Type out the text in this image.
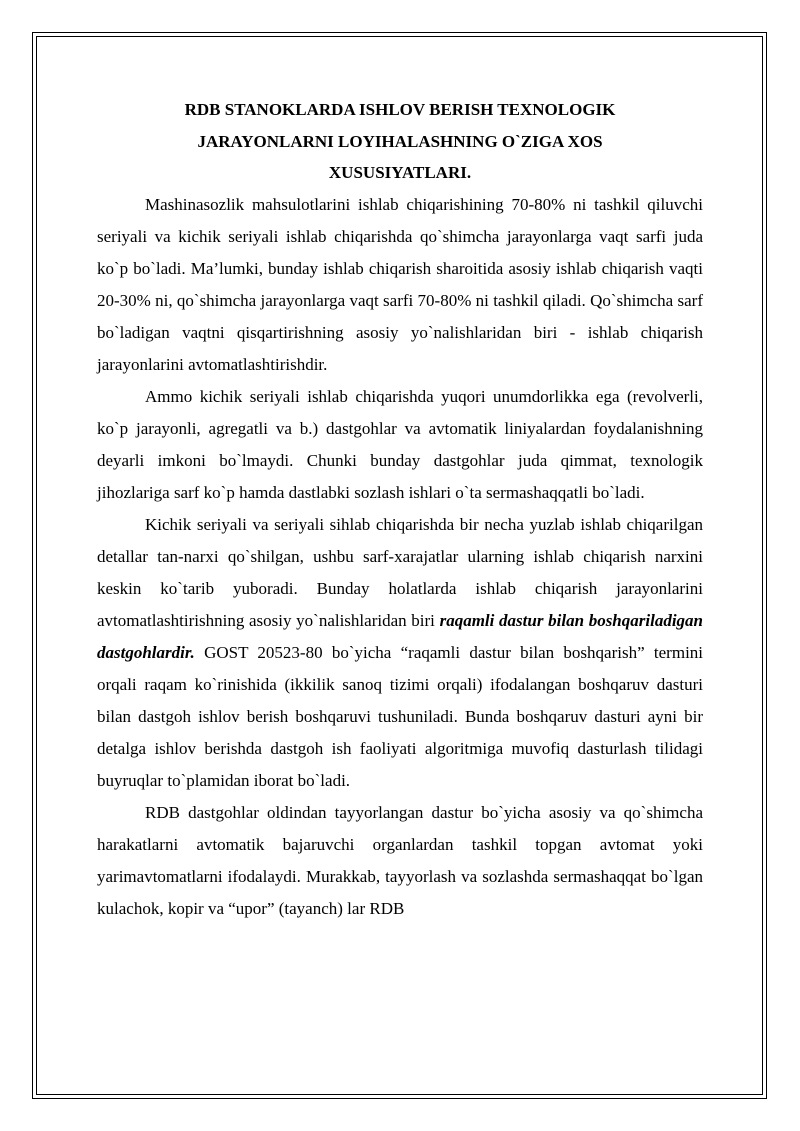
RDB STANOKLARDA ISHLOV BERISH TEXNOLOGIK
JARAYONLARNI LOYIHALASHNING O`ZIGA XOS
XUSUSIYATLARI.

Mashinasozlik mahsulotlarini ishlab chiqarishining 70-80% ni tashkil qiluvchi seriyali va kichik seriyali ishlab chiqarishda qo`shimcha jarayonlarga vaqt sarfi juda ko`p bo`ladi. Ma’lumki, bunday ishlab chiqarish sharoitida asosiy ishlab chiqarish vaqti 20-30% ni, qo`shimcha jarayonlarga vaqt sarfi 70-80% ni tashkil qiladi. Qo`shimcha sarf bo`ladigan vaqtni qisqartirishning asosiy yo`nalishlaridan biri - ishlab chiqarish jarayonlarini avtomatlashtirishdir.

Ammo kichik seriyali ishlab chiqarishda yuqori unumdorlikka ega (revolverli, ko`p jarayonli, agregatli va b.) dastgohlar va avtomatik liniyalardan foydalanishning deyarli imkoni bo`lmaydi. Chunki bunday dastgohlar juda qimmat, texnologik jihozlariga sarf ko`p hamda dastlabki sozlash ishlari o`ta sermashaqqatli bo`ladi.

Kichik seriyali va seriyali sihlab chiqarishda bir necha yuzlab ishlab chiqarilgan detallar tan-narxi qo`shilgan, ushbu sarf-xarajatlar ularning ishlab chiqarish narxini keskin ko`tarib yuboradi. Bunday holatlarda ishlab chiqarish jarayonlarini avtomatlashtirishning asosiy yo`nalishlaridan biri raqamli dastur bilan boshqariladigan dastgohlardir. GOST 20523-80 bo`yicha “raqamli dastur bilan boshqarish” termini orqali raqam ko`rinishida (ikkilik sanoq tizimi orqali) ifodalangan boshqaruv dasturi bilan dastgoh ishlov berish boshqaruvi tushuniladi. Bunda boshqaruv dasturi ayni bir detalga ishlov berishda dastgoh ish faoliyati algoritmiga muvofiq dasturlash tilidagi buyruqlar to`plamidan iborat bo`ladi.

RDB dastgohlar oldindan tayyorlangan dastur bo`yicha asosiy va qo`shimcha harakatlarni avtomatik bajaruvchi organlardan tashkil topgan avtomat yoki yarimavtomatlarni ifodalaydi. Murakkab, tayyorlash va sozlashda sermashaqqat bo`lgan kulachok, kopir va “upor” (tayanch) lar RDB
